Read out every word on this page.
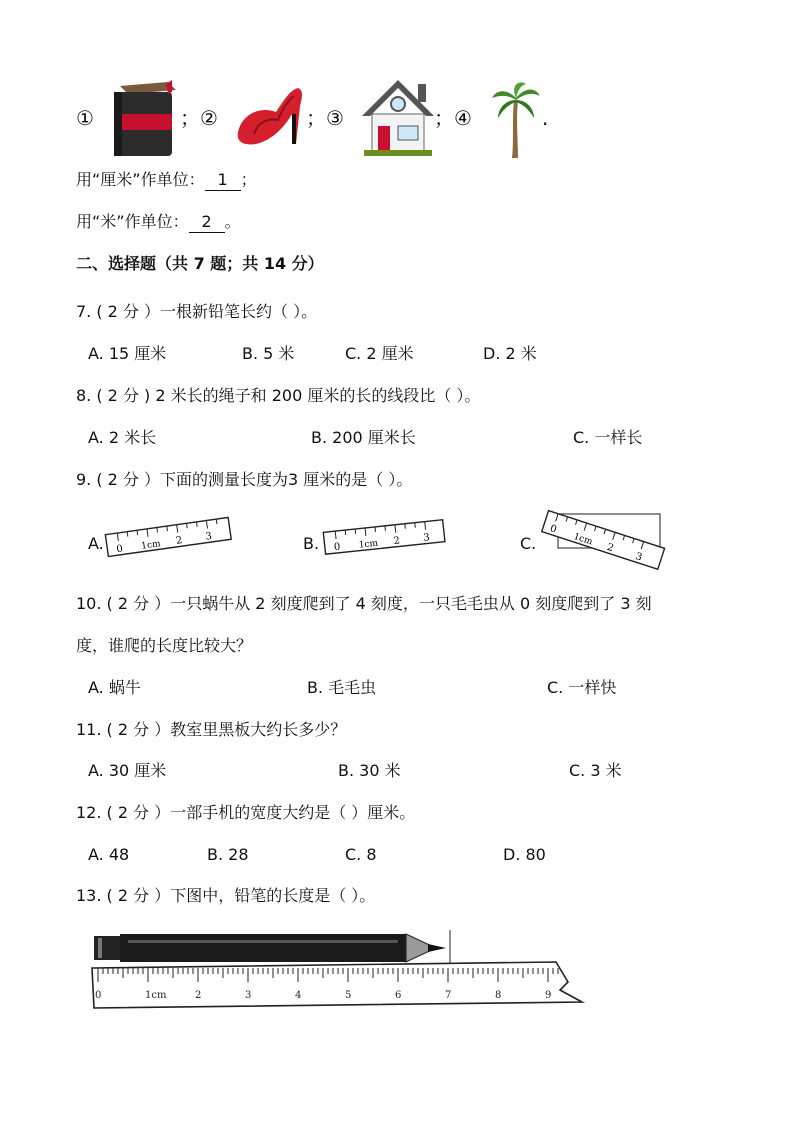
①	；②	；③	；④	.
用“厘米”作单位： 1 ；
用“米”作单位： 2 。
二、选择题（共 7 题；共 14 分）
7. ( 2 分 ）一根新铅笔长约（ ）。
A. 15 厘米	B. 5 米	C. 2 厘米	D. 2 米
8. ( 2 分 ) 2 米长的绳子和 200 厘米的长的线段比（ ）。
A. 2 米长	B. 200 厘米长	C. 一样长
9. ( 2 分 ）下面的测量长度为3 厘米的是（ ）。
A.	B.	C.
0 1cm 2 3
0 1cm 2 3
0
1cm
2
3
10. ( 2 分 ）一只蜗牛从 2 刻度爬到了 4 刻度，一只毛毛虫从 0 刻度爬到了 3 刻
度，谁爬的长度比较大？
A. 蜗牛	B. 毛毛虫	C. 一样快
11. ( 2 分 ）教室里黑板大约长多少？
A. 30 厘米	B. 30 米	C. 3 米
12. ( 2 分 ）一部手机的宽度大约是（ ）厘米。
A. 48	B. 28	C. 8	D. 80
13. ( 2 分 ）下图中，铅笔的长度是（ ）。
0	1cm	2	3	4	5	6	7	8	9
